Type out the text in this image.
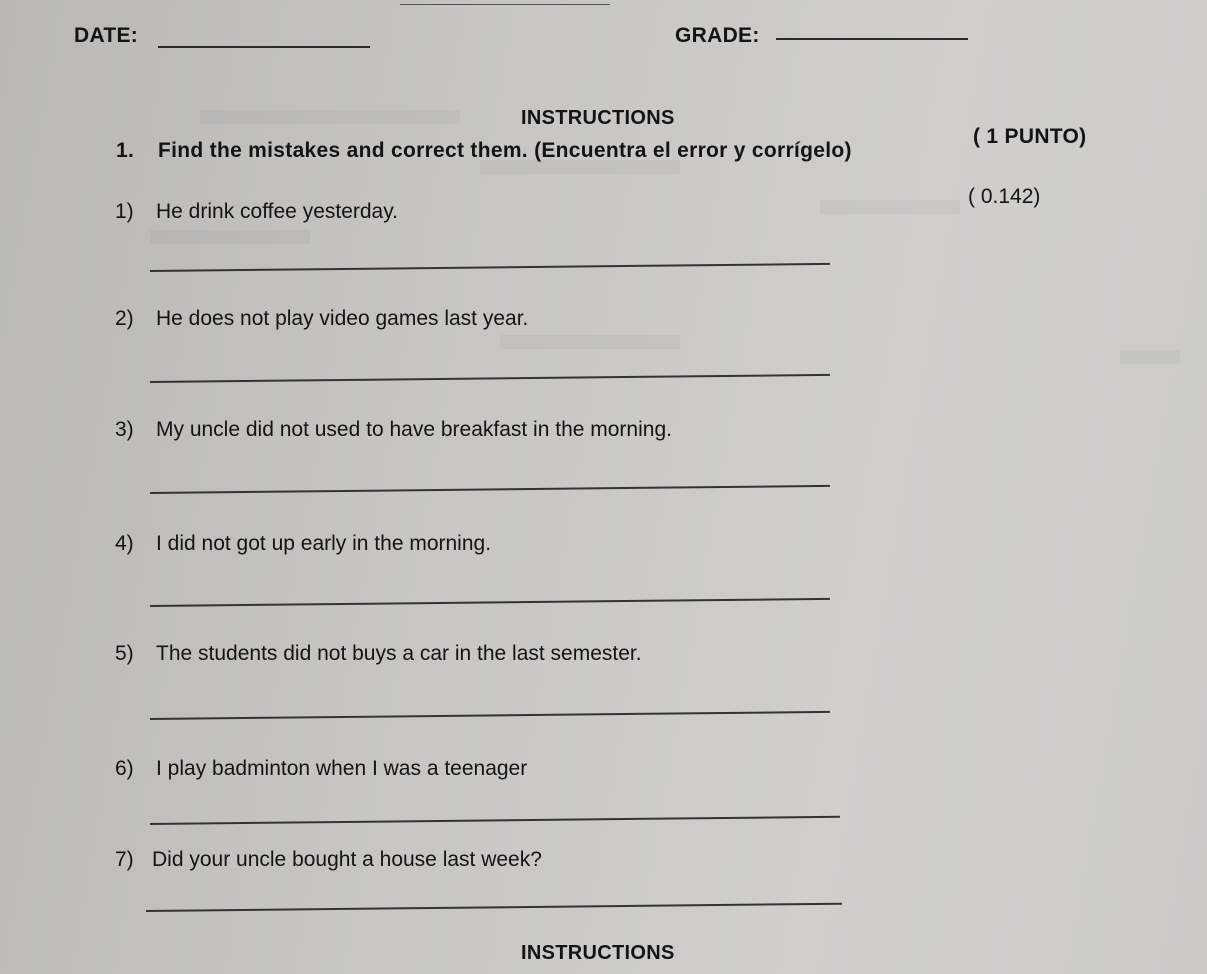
DATE:	GRADE:
INSTRUCTIONS
1. Find the mistakes and correct them. (Encuentra el error y corrígelo)
( 1 PUNTO)
( 0.142)
1) He drink coffee yesterday.
2) He does not play video games last year.
3) My uncle did not used to have breakfast in the morning.
4) I did not got up early in the morning.
5) The students did not buys a car in the last semester.
6) I play badminton when I was a teenager
7) Did your uncle bought a house last week?
INSTRUCTIONS
